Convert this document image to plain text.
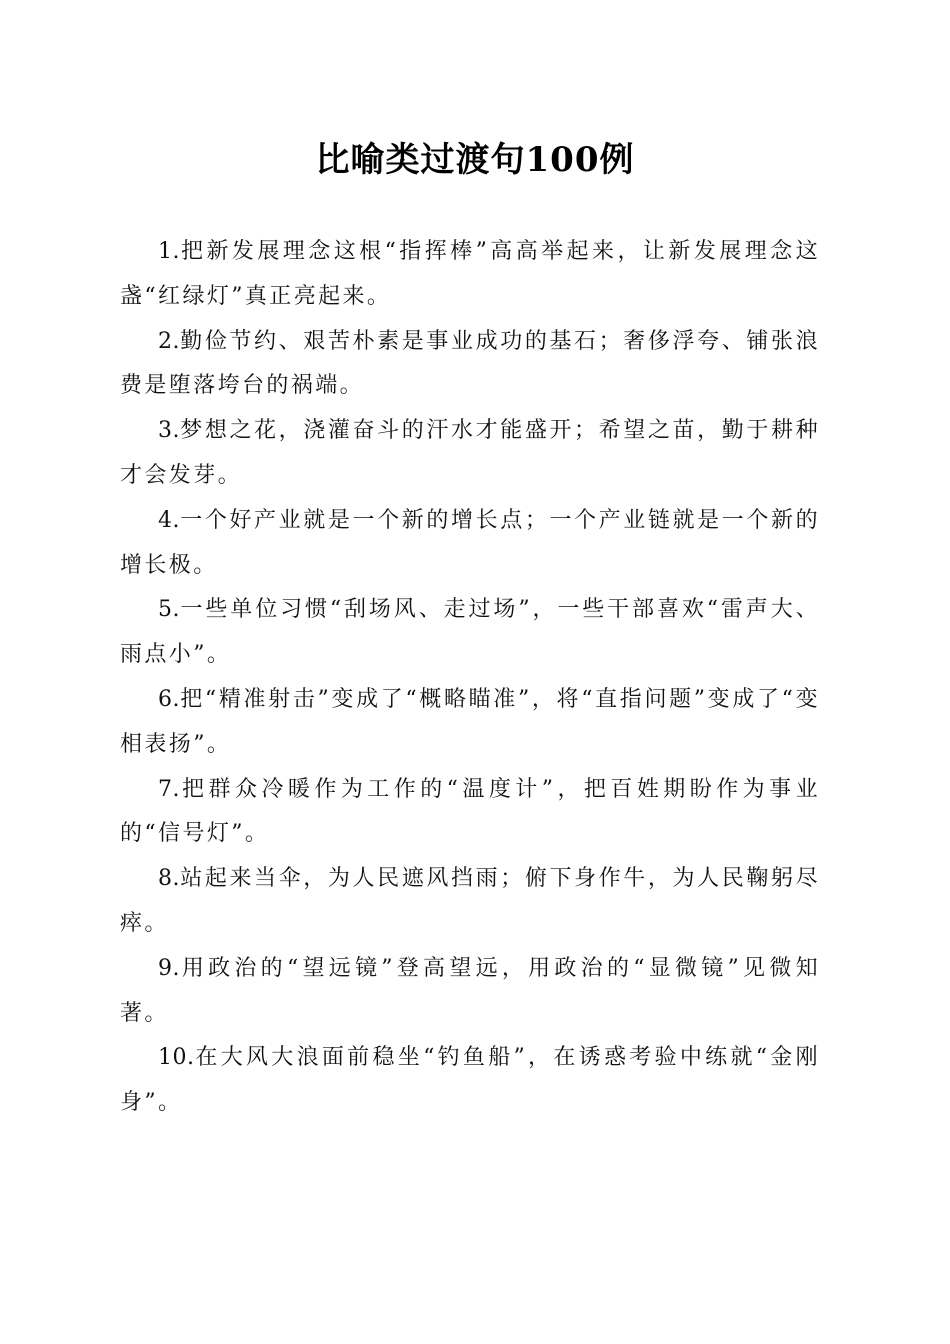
比喻类过渡句100例

1.把新发展理念这根“指挥棒”高高举起来，让新发展理念这盏“红绿灯”真正亮起来。

2.勤俭节约、艰苦朴素是事业成功的基石；奢侈浮夸、铺张浪费是堕落垮台的祸端。

3.梦想之花，浇灌奋斗的汗水才能盛开；希望之苗，勤于耕种才会发芽。

4.一个好产业就是一个新的增长点；一个产业链就是一个新的增长极。

5.一些单位习惯“刮场风、走过场”，一些干部喜欢“雷声大、雨点小”。

6.把“精准射击”变成了“概略瞄准”，将“直指问题”变成了“变相表扬”。

7.把群众冷暖作为工作的“温度计”，把百姓期盼作为事业的“信号灯”。

8.站起来当伞，为人民遮风挡雨；俯下身作牛，为人民鞠躬尽瘁。

9.用政治的“望远镜”登高望远，用政治的“显微镜”见微知著。

10.在大风大浪面前稳坐“钓鱼船”，在诱惑考验中练就“金刚身”。
